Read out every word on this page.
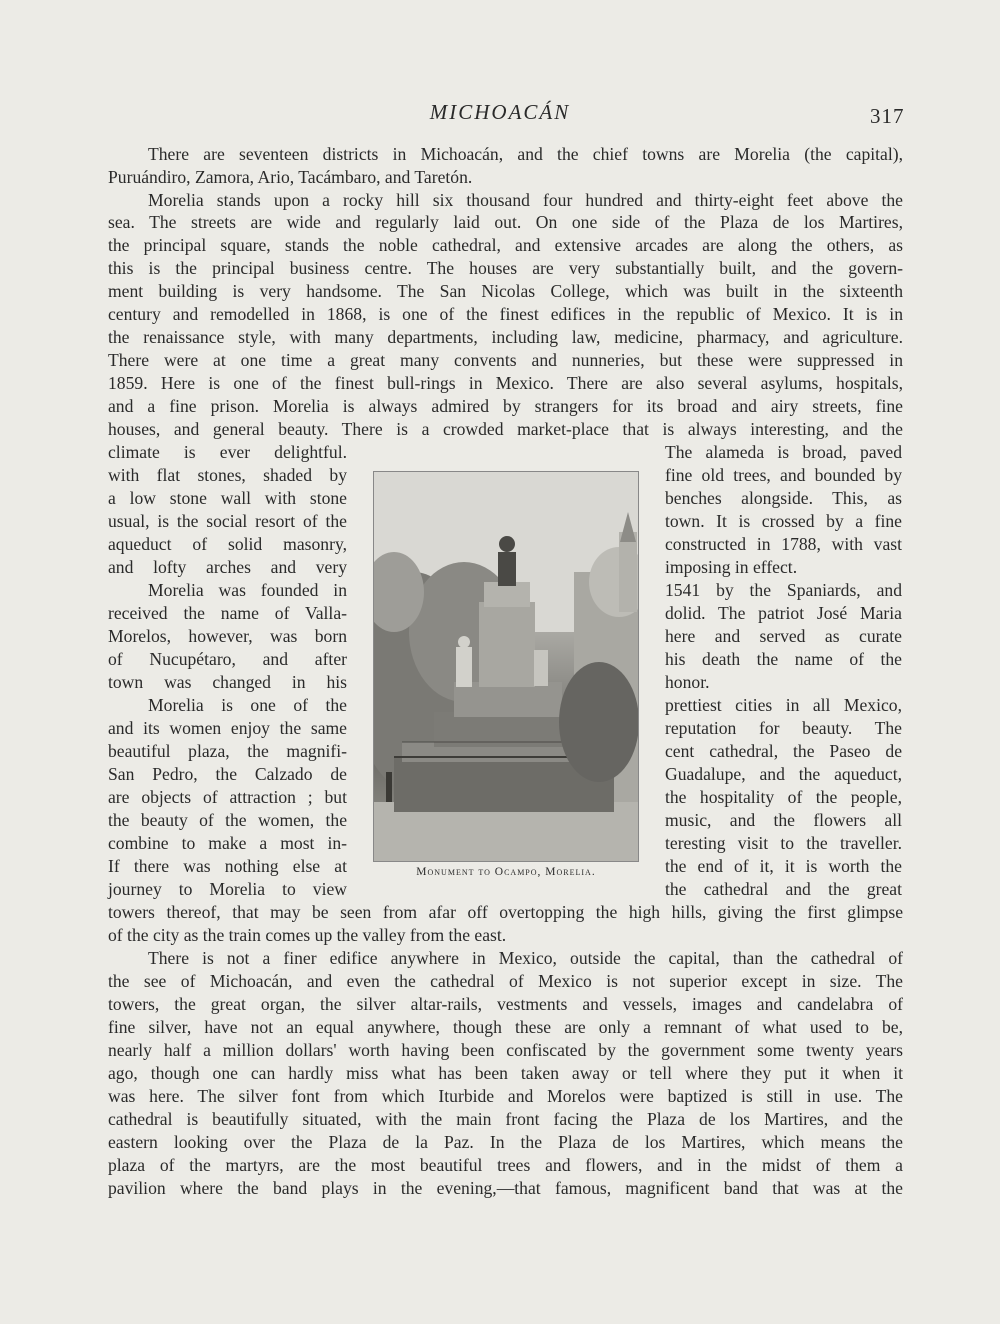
MICHOACÁN	317
There are seventeen districts in Michoacán, and the chief towns are Morelia (the capital),
Puruándiro, Zamora, Ario, Tacámbaro, and Taretón.
Morelia stands upon a rocky hill six thousand four hundred and thirty-eight feet above the
sea. The streets are wide and regularly laid out. On one side of the Plaza de los Martires,
the principal square, stands the noble cathedral, and extensive arcades are along the others, as
this is the principal business centre. The houses are very substantially built, and the govern-
ment building is very handsome. The San Nicolas College, which was built in the sixteenth
century and remodelled in 1868, is one of the finest edifices in the republic of Mexico. It is in
the renaissance style, with many departments, including law, medicine, pharmacy, and agriculture.
There were at one time a great many convents and nunneries, but these were suppressed in
1859. Here is one of the finest bull-rings in Mexico. There are also several asylums, hospitals,
and a fine prison. Morelia is always admired by strangers for its broad and airy streets, fine
houses, and general beauty. There is a crowded market-place that is always interesting, and the
climate is ever delightful.
with flat stones, shaded by
a low stone wall with stone
usual, is the social resort of the
aqueduct of solid masonry,
and lofty arches and very
Morelia was founded in
received the name of Valla-
Morelos, however, was born
of Nucupétaro, and after
town was changed in his
Morelia is one of the
and its women enjoy the same
beautiful plaza, the magnifi-
San Pedro, the Calzado de
are objects of attraction ; but
the beauty of the women, the
combine to make a most in-
If there was nothing else at
journey to Morelia to view
Monument to Ocampo, Morelia.
The alameda is broad, paved
fine old trees, and bounded by
benches alongside. This, as
town. It is crossed by a fine
constructed in 1788, with vast
imposing in effect.
1541 by the Spaniards, and
dolid. The patriot José Maria
here and served as curate
his death the name of the
honor.
prettiest cities in all Mexico,
reputation for beauty. The
cent cathedral, the Paseo de
Guadalupe, and the aqueduct,
the hospitality of the people,
music, and the flowers all
teresting visit to the traveller.
the end of it, it is worth the
the cathedral and the great
towers thereof, that may be seen from afar off overtopping the high hills, giving the first glimpse
of the city as the train comes up the valley from the east.
There is not a finer edifice anywhere in Mexico, outside the capital, than the cathedral of
the see of Michoacán, and even the cathedral of Mexico is not superior except in size. The
towers, the great organ, the silver altar-rails, vestments and vessels, images and candelabra of
fine silver, have not an equal anywhere, though these are only a remnant of what used to be,
nearly half a million dollars' worth having been confiscated by the government some twenty years
ago, though one can hardly miss what has been taken away or tell where they put it when it
was here. The silver font from which Iturbide and Morelos were baptized is still in use. The
cathedral is beautifully situated, with the main front facing the Plaza de los Martires, and the
eastern looking over the Plaza de la Paz. In the Plaza de los Martires, which means the
plaza of the martyrs, are the most beautiful trees and flowers, and in the midst of them a
pavilion where the band plays in the evening,—that famous, magnificent band that was at the
